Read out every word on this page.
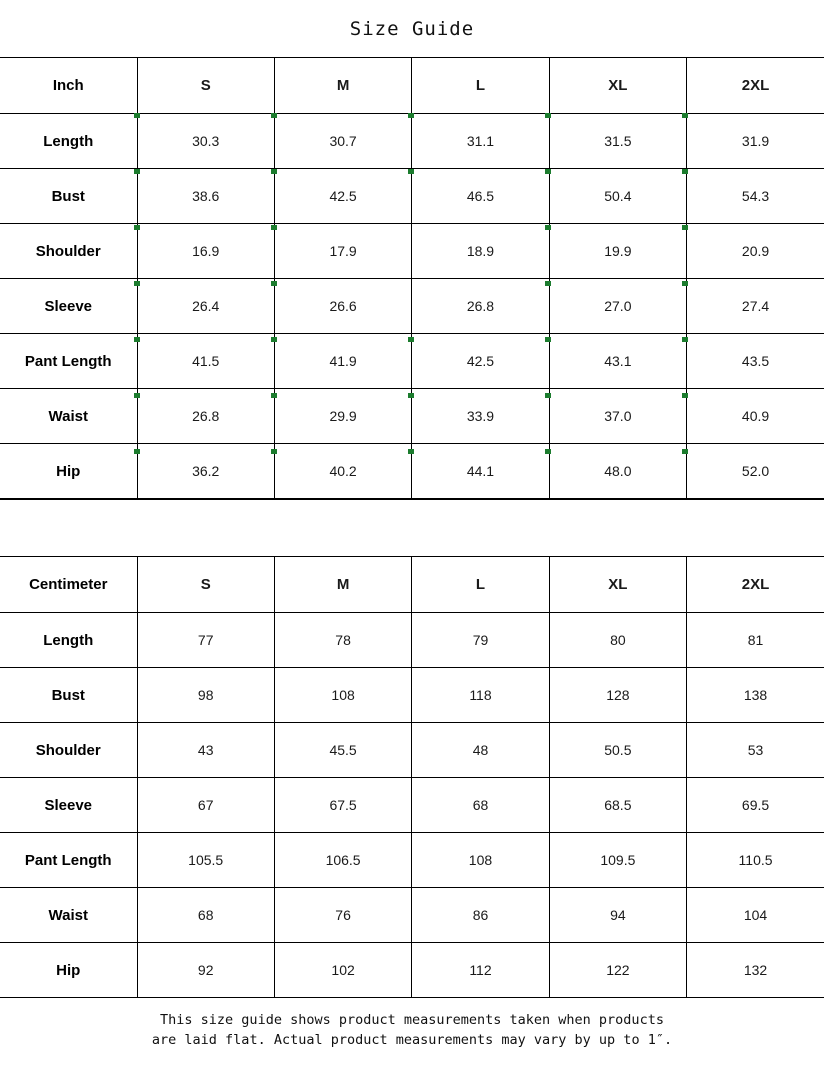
Size Guide
Inch	S	M	L	XL	2XL
Length	30.3	30.7	31.1	31.5	31.9
Bust	38.6	42.5	46.5	50.4	54.3
Shoulder	16.9	17.9	18.9	19.9	20.9
Sleeve	26.4	26.6	26.8	27.0	27.4
Pant Length	41.5	41.9	42.5	43.1	43.5
Waist	26.8	29.9	33.9	37.0	40.9
Hip	36.2	40.2	44.1	48.0	52.0
Centimeter	S	M	L	XL	2XL
Length	77	78	79	80	81
Bust	98	108	118	128	138
Shoulder	43	45.5	48	50.5	53
Sleeve	67	67.5	68	68.5	69.5
Pant Length	105.5	106.5	108	109.5	110.5
Waist	68	76	86	94	104
Hip	92	102	112	122	132
This size guide shows product measurements taken when products
are laid flat. Actual product measurements may vary by up to 1″.
